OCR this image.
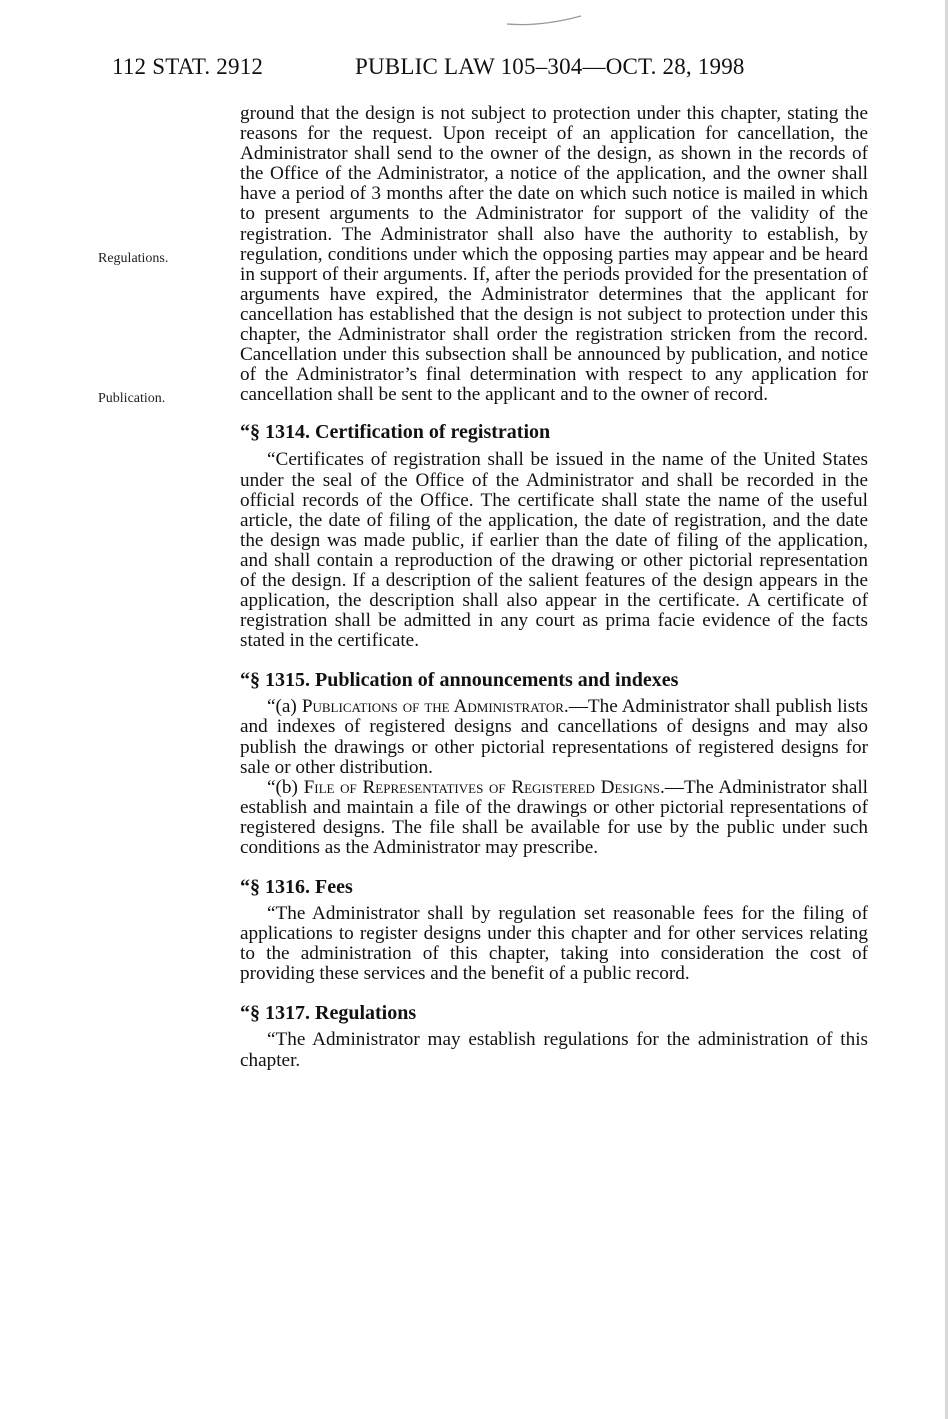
112 STAT. 2912	PUBLIC LAW 105–304—OCT. 28, 1998
Regulations.
Publication.

ground that the design is not subject to protection under this chapter, stating the reasons for the request. Upon receipt of an application for cancellation, the Administrator shall send to the owner of the design, as shown in the records of the Office of the Administrator, a notice of the application, and the owner shall have a period of 3 months after the date on which such notice is mailed in which to present arguments to the Administrator for support of the validity of the registration. The Administrator shall also have the authority to establish, by regulation, conditions under which the opposing parties may appear and be heard in support of their arguments. If, after the periods provided for the presentation of arguments have expired, the Administrator determines that the applicant for cancellation has established that the design is not subject to protection under this chapter, the Administrator shall order the registration stricken from the record. Cancellation under this subsection shall be announced by publication, and notice of the Administrator’s final determination with respect to any application for cancellation shall be sent to the applicant and to the owner of record.

“§ 1314. Certification of registration

“Certificates of registration shall be issued in the name of the United States under the seal of the Office of the Administrator and shall be recorded in the official records of the Office. The certificate shall state the name of the useful article, the date of filing of the application, the date of registration, and the date the design was made public, if earlier than the date of filing of the application, and shall contain a reproduction of the drawing or other pictorial representation of the design. If a description of the salient features of the design appears in the application, the description shall also appear in the certificate. A certificate of registration shall be admitted in any court as prima facie evidence of the facts stated in the certificate.

“§ 1315. Publication of announcements and indexes

“(a) Publications of the Administrator.—The Administrator shall publish lists and indexes of registered designs and cancellations of designs and may also publish the drawings or other pictorial representations of registered designs for sale or other distribution.

“(b) File of Representatives of Registered Designs.—The Administrator shall establish and maintain a file of the drawings or other pictorial representations of registered designs. The file shall be available for use by the public under such conditions as the Administrator may prescribe.

“§ 1316. Fees

“The Administrator shall by regulation set reasonable fees for the filing of applications to register designs under this chapter and for other services relating to the administration of this chapter, taking into consideration the cost of providing these services and the benefit of a public record.

“§ 1317. Regulations

“The Administrator may establish regulations for the administration of this chapter.
